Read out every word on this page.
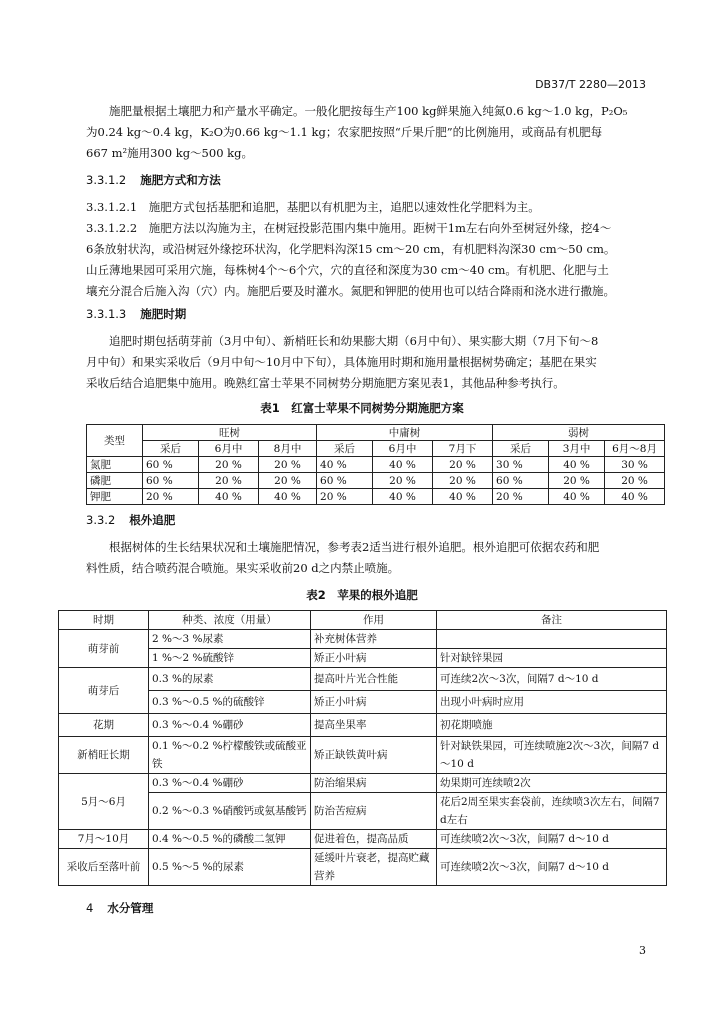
DB37/T 2280—2013

施肥量根据土壤肥力和产量水平确定。一般化肥按每生产100 kg鲜果施入纯氮0.6 kg～1.0 kg，P₂O₅

为0.24 kg～0.4 kg，K₂O为0.66 kg～1.1 kg；农家肥按照“斤果斤肥”的比例施用，或商品有机肥每

667 m²施用300 kg～500 kg。

3.3.1.2 施肥方式和方法

3.3.1.2.1　 施肥方式包括基肥和追肥，基肥以有机肥为主，追肥以速效性化学肥料为主。

3.3.1.2.2　施肥方法以沟施为主，在树冠投影范围内集中施用。距树干1m左右向外至树冠外缘，挖4～

6条放射状沟，或沿树冠外缘挖环状沟，化学肥料沟深15 cm～20 cm，有机肥料沟深30 cm～50 cm。

山丘薄地果园可采用穴施，每株树4个～6个穴，穴的直径和深度为30 cm～40 cm。有机肥、化肥与土

壤充分混合后施入沟（穴）内。施肥后要及时灌水。氮肥和钾肥的使用也可以结合降雨和浇水进行撒施。

3.3.1.3 施肥时期

追肥时期包括萌芽前（3月中旬）、新梢旺长和幼果膨大期（6月中旬）、果实膨大期（7月下旬～8

月中旬）和果实采收后（9月中旬～10月中下旬），具体施用时期和施用量根据树势确定；基肥在果实

采收后结合追肥集中施用。晚熟红富士苹果不同树势分期施肥方案见表1，其他品种参考执行。

表1　红富士苹果不同树势分期施肥方案
类型	旺树			中庸树			弱树		
	采后	6月中	8月中	采后	6月中	7月下	采后	3月中	6月～8月
氮肥	60 %	20 %	20 %	40 %	40 %	20 %	30 %	40 %	30 %
磷肥	60 %	20 %	20 %	60 %	20 %	20 %	60 %	20 %	20 %
钾肥	20 %	40 %	40 %	20 %	40 %	40 %	20 %	40 %	40 %
3.3.2 根外追肥

根据树体的生长结果状况和土壤施肥情况，参考表2适当进行根外追肥。根外追肥可依据农药和肥

料性质，结合喷药混合喷施。果实采收前20 d之内禁止喷施。

表2　苹果的根外追肥
时期	种类、浓度（用量）	作用	备注
萌芽前	2 %～3 %尿素	补充树体营养	
	1 %～2 %硫酸锌	矫正小叶病	针对缺锌果园
萌芽后	0.3 %的尿素	提高叶片光合性能	可连续2次～3次，间隔7 d～10 d
	0.3 %～0.5 %的硫酸锌	矫正小叶病	出现小叶病时应用
花期	0.3 %～0.4 %硼砂	提高坐果率	初花期喷施
新梢旺长期	0.1 %～0.2 %柠檬酸铁或硫酸亚铁	矫正缺铁黄叶病	针对缺铁果园，可连续喷施2次～3次，间隔7 d～10 d
5月～6月	0.3 %～0.4 %硼砂	防治缩果病	幼果期可连续喷2次
	0.2 %～0.3 %硝酸钙或氨基酸钙	防治苦痘病	花后2周至果实套袋前，连续喷3次左右，间隔7 d左右
7月～10月	0.4 %～0.5 %的磷酸二氢钾	促进着色，提高品质	可连续喷2次～3次，间隔7 d～10 d
采收后至落叶前	0.5 %～5 %的尿素	延缓叶片衰老，提高贮藏营养	可连续喷2次～3次，间隔7 d～10 d
4 水分管理
3
